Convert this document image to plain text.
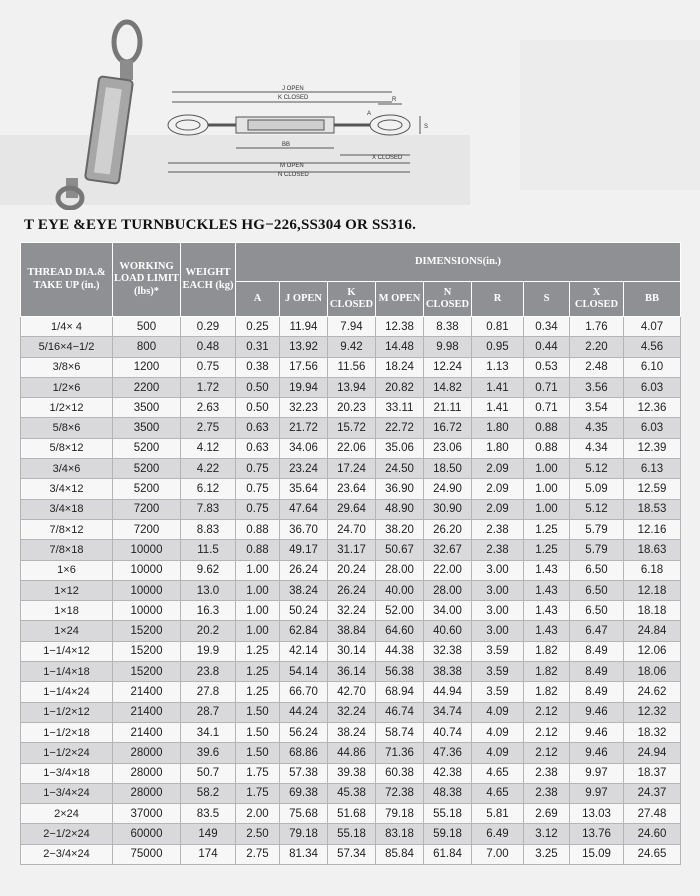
J OPEN
K CLOSED
BB
X CLOSED
M OPEN
N CLOSED
A
R
S
T EYE &EYE TURNBUCKLES HG−226,SS304 OR SS316.
THREAD DIA.& TAKE UP (in.)	WORKING LOAD LIMIT (lbs)*	WEIGHT EACH (kg)	DIMENSIONS(in.)								
			A	J OPEN	K CLOSED	M OPEN	N CLOSED	R	S	X CLOSED	BB
1/4× 4	500	0.29	0.25	11.94	7.94	12.38	8.38	0.81	0.34	1.76	4.07
5/16×4−1/2	800	0.48	0.31	13.92	9.42	14.48	9.98	0.95	0.44	2.20	4.56
3/8×6	1200	0.75	0.38	17.56	11.56	18.24	12.24	1.13	0.53	2.48	6.10
1/2×6	2200	1.72	0.50	19.94	13.94	20.82	14.82	1.41	0.71	3.56	6.03
1/2×12	3500	2.63	0.50	32.23	20.23	33.11	21.11	1.41	0.71	3.54	12.36
5/8×6	3500	2.75	0.63	21.72	15.72	22.72	16.72	1.80	0.88	4.35	6.03
5/8×12	5200	4.12	0.63	34.06	22.06	35.06	23.06	1.80	0.88	4.34	12.39
3/4×6	5200	4.22	0.75	23.24	17.24	24.50	18.50	2.09	1.00	5.12	6.13
3/4×12	5200	6.12	0.75	35.64	23.64	36.90	24.90	2.09	1.00	5.09	12.59
3/4×18	7200	7.83	0.75	47.64	29.64	48.90	30.90	2.09	1.00	5.12	18.53
7/8×12	7200	8.83	0.88	36.70	24.70	38.20	26.20	2.38	1.25	5.79	12.16
7/8×18	10000	11.5	0.88	49.17	31.17	50.67	32.67	2.38	1.25	5.79	18.63
1×6	10000	9.62	1.00	26.24	20.24	28.00	22.00	3.00	1.43	6.50	6.18
1×12	10000	13.0	1.00	38.24	26.24	40.00	28.00	3.00	1.43	6.50	12.18
1×18	10000	16.3	1.00	50.24	32.24	52.00	34.00	3.00	1.43	6.50	18.18
1×24	15200	20.2	1.00	62.84	38.84	64.60	40.60	3.00	1.43	6.47	24.84
1−1/4×12	15200	19.9	1.25	42.14	30.14	44.38	32.38	3.59	1.82	8.49	12.06
1−1/4×18	15200	23.8	1.25	54.14	36.14	56.38	38.38	3.59	1.82	8.49	18.06
1−1/4×24	21400	27.8	1.25	66.70	42.70	68.94	44.94	3.59	1.82	8.49	24.62
1−1/2×12	21400	28.7	1.50	44.24	32.24	46.74	34.74	4.09	2.12	9.46	12.32
1−1/2×18	21400	34.1	1.50	56.24	38.24	58.74	40.74	4.09	2.12	9.46	18.32
1−1/2×24	28000	39.6	1.50	68.86	44.86	71.36	47.36	4.09	2.12	9.46	24.94
1−3/4×18	28000	50.7	1.75	57.38	39.38	60.38	42.38	4.65	2.38	9.97	18.37
1−3/4×24	28000	58.2	1.75	69.38	45.38	72.38	48.38	4.65	2.38	9.97	24.37
2×24	37000	83.5	2.00	75.68	51.68	79.18	55.18	5.81	2.69	13.03	27.48
2−1/2×24	60000	149	2.50	79.18	55.18	83.18	59.18	6.49	3.12	13.76	24.60
2−3/4×24	75000	174	2.75	81.34	57.34	85.84	61.84	7.00	3.25	15.09	24.65
